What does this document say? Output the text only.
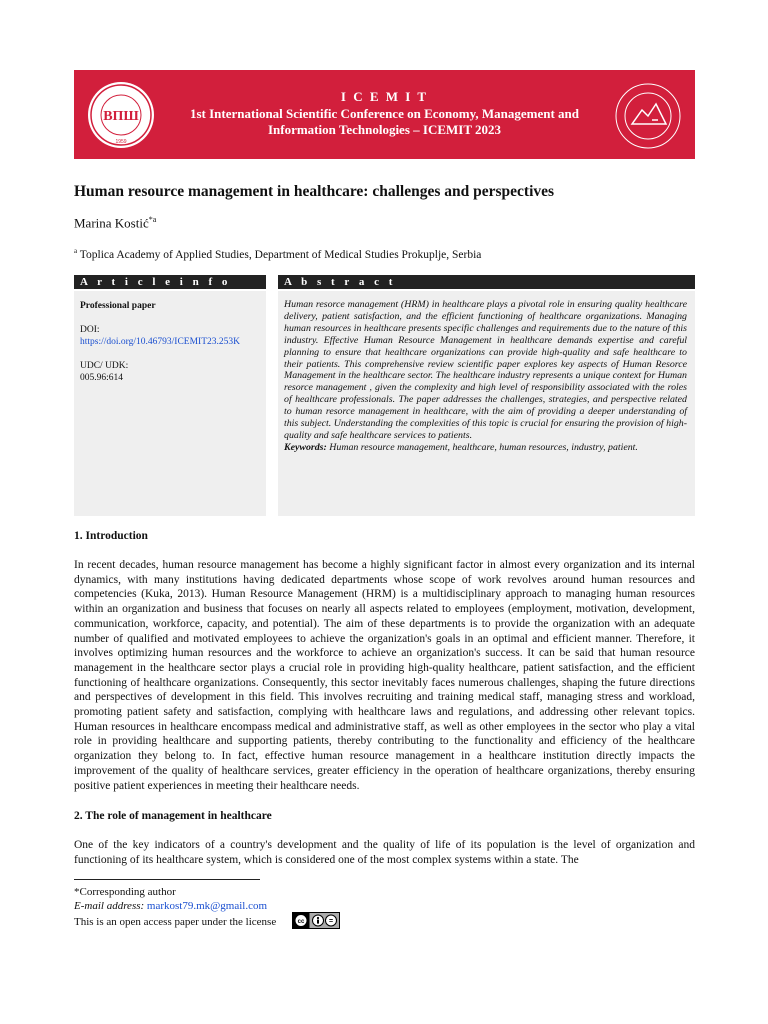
I C E M I T
1st International Scientific Conference on Economy, Management and Information Technologies – ICEMIT 2023
ВПШ
1959
Human resource management in healthcare: challenges and perspectives
Marina Kostić$^{*a}$
$^a$ Toplica Academy of Applied Studies, Department of Medical Studies Prokuplje, Serbia
A r t i c l e i n f o	A b s t r a c t
Professional paper
DOI:
https://doi.org/10.46793/ICEMIT23.253K
UDC/ UDK:
005.96:614
Human resorce management (HRM) in healthcare plays a pivotal role in ensuring quality healthcare delivery, patient satisfaction, and the efficient functioning of healthcare organizations. Managing human resources in healthcare presents specific challenges and requirements due to the nature of this industry. Effective Human Resource Management in healthcare demands expertise and careful planning to ensure that healthcare organizations can provide high-quality and safe healthcare to their patients. This comprehensive review scientific paper explores key aspects of Human Resorce Management in the healthcare sector. The healthcare industry represents a unique context for Human resorce management , given the complexity and high level of responsibility associated with the roles of healthcare professionals. The paper addresses the challenges, strategies, and perspective related to human resorce management in healthcare, with the aim of providing a deeper understanding of this subject. Understanding the complexities of this topic is crucial for ensuring the provision of high-quality and safe healthcare services to patients.
Keywords: Human resource management, healthcare, human resources, industry, patient.
1. Introduction
In recent decades, human resource management has become a highly significant factor in almost every organization and its internal dynamics, with many institutions having dedicated departments whose scope of work revolves around human resources and competencies (Kuka, 2013). Human Resource Management (HRM) is a multidisciplinary approach to managing human resources within an organization and business that focuses on nearly all aspects related to employees (employment, motivation, development, communication, workforce, capacity, and potential). The aim of these departments is to provide the organization with an adequate number of qualified and motivated employees to achieve the organization's goals in an optimal and efficient manner. Therefore, it involves optimizing human resources and the workforce to achieve an organization's success. It can be said that human resource management in the healthcare sector plays a crucial role in providing high-quality healthcare, patient satisfaction, and the efficient functioning of healthcare organizations. Consequently, this sector inevitably faces numerous challenges, shaping the future directions and perspectives of development in this field. This involves recruiting and training medical staff, managing stress and workload, promoting patient safety and satisfaction, complying with healthcare laws and regulations, and addressing other relevant topics. Human resources in healthcare encompass medical and administrative staff, as well as other employees in the sector who play a vital role in providing healthcare and supporting patients, thereby contributing to the functionality and efficiency of the healthcare organization they belong to. In fact, effective human resource management in a healthcare institution directly impacts the improvement of the quality of healthcare services, greater efficiency in the operation of healthcare organizations, thereby ensuring positive patient experiences in meeting their healthcare needs.
2. The role of management in healthcare
One of the key indicators of a country's development and the quality of life of its population is the level of organization and functioning of its healthcare system, which is considered one of the most complex systems within a state. The
*Corresponding author
E-mail address: markost79.mk@gmail.com
This is an open access paper under the license	cc	=
